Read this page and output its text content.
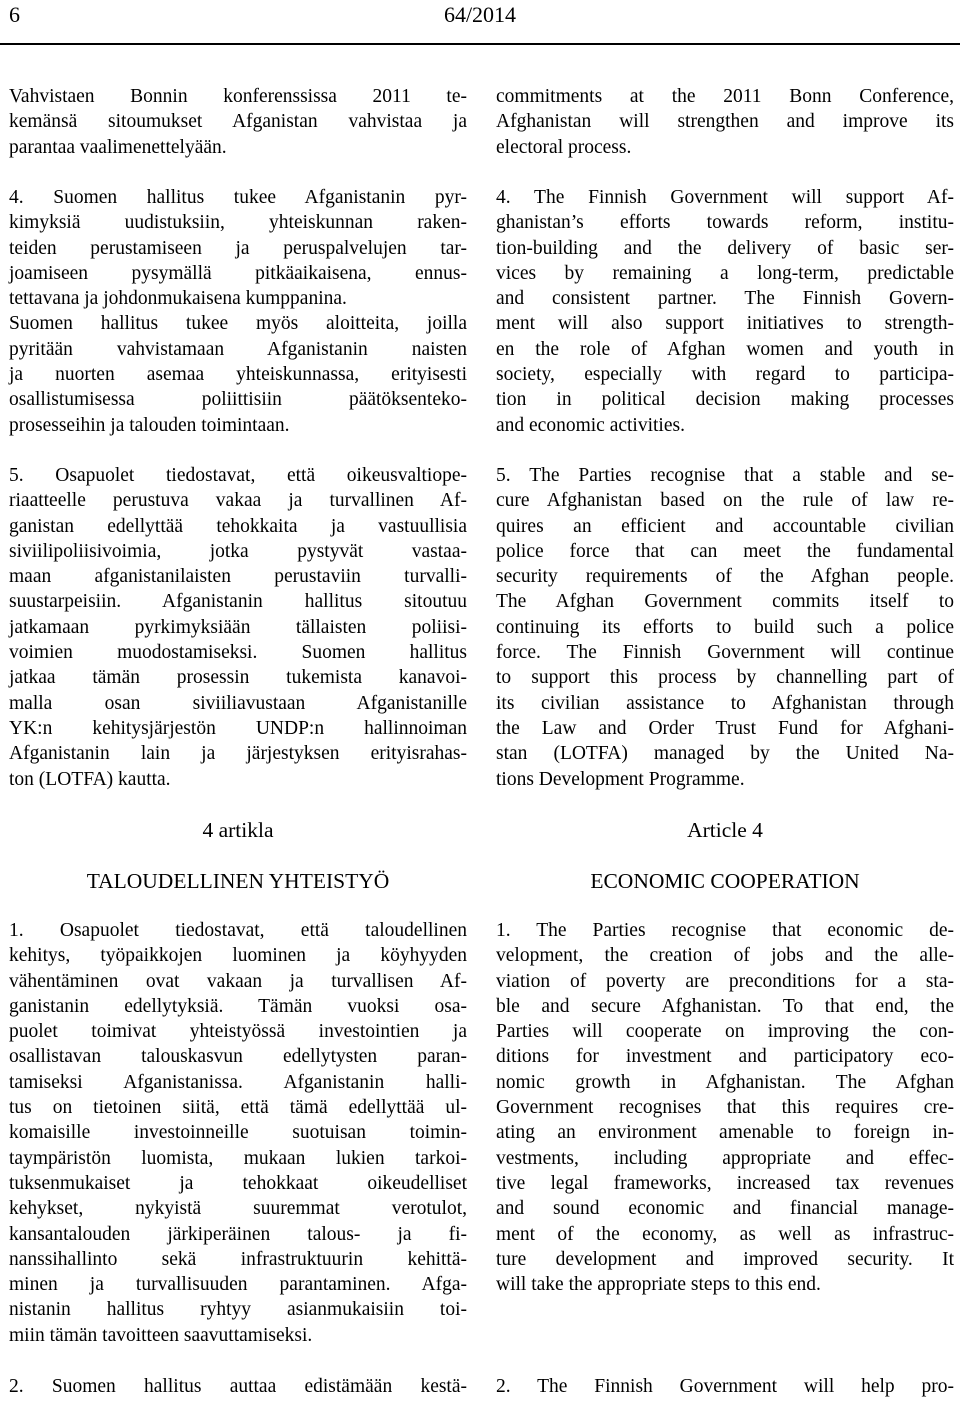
6	64/2014
Vahvistaen Bonnin konferenssissa 2011 te-
kemänsä sitoumukset Afganistan vahvistaa ja
parantaa vaalimenettelyään.
4. Suomen hallitus tukee Afganistanin pyr-
kimyksiä uudistuksiin, yhteiskunnan raken-
teiden perustamiseen ja peruspalvelujen tar-
joamiseen pysymällä pitkäaikaisena, ennus-
tettavana ja johdonmukaisena kumppanina.
Suomen hallitus tukee myös aloitteita, joilla
pyritään vahvistamaan Afganistanin naisten
ja nuorten asemaa yhteiskunnassa, erityisesti
osallistumisessa poliittisiin päätöksenteko-
prosesseihin ja talouden toimintaan.
5. Osapuolet tiedostavat, että oikeusvaltiope-
riaatteelle perustuva vakaa ja turvallinen Af-
ganistan edellyttää tehokkaita ja vastuullisia
siviilipoliisivoimia, jotka pystyvät vastaa-
maan afganistanilaisten perustaviin turvalli-
suustarpeisiin. Afganistanin hallitus sitoutuu
jatkamaan pyrkimyksiään tällaisten poliisi-
voimien muodostamiseksi. Suomen hallitus
jatkaa tämän prosessin tukemista kanavoi-
malla osan siviiliavustaan Afganistanille
YK:n kehitysjärjestön UNDP:n hallinnoiman
Afganistanin lain ja järjestyksen erityisrahas-
ton (LOTFA) kautta.
4 artikla
TALOUDELLINEN YHTEISTYÖ
1. Osapuolet tiedostavat, että taloudellinen
kehitys, työpaikkojen luominen ja köyhyyden
vähentäminen ovat vakaan ja turvallisen Af-
ganistanin edellytyksiä. Tämän vuoksi osa-
puolet toimivat yhteistyössä investointien ja
osallistavan talouskasvun edellytysten paran-
tamiseksi Afganistanissa. Afganistanin halli-
tus on tietoinen siitä, että tämä edellyttää ul-
komaisille investoinneille suotuisan toimin-
taympäristön luomista, mukaan lukien tarkoi-
tuksenmukaiset ja tehokkaat oikeudelliset
kehykset, nykyistä suuremmat verotulot,
kansantalouden järkiperäinen talous- ja fi-
nanssihallinto sekä infrastruktuurin kehittä-
minen ja turvallisuuden parantaminen. Afga-
nistanin hallitus ryhtyy asianmukaisiin toi-
miin tämän tavoitteen saavuttamiseksi.
2. Suomen hallitus auttaa edistämään kestä-
commitments at the 2011 Bonn Conference,
Afghanistan will strengthen and improve its
electoral process.
4. The Finnish Government will support Af-
ghanistan’s efforts towards reform, institu-
tion-building and the delivery of basic ser-
vices by remaining a long-term, predictable
and consistent partner. The Finnish Govern-
ment will also support initiatives to strength-
en the role of Afghan women and youth in
society, especially with regard to participa-
tion in political decision making processes
and economic activities.
5. The Parties recognise that a stable and se-
cure Afghanistan based on the rule of law re-
quires an efficient and accountable civilian
police force that can meet the fundamental
security requirements of the Afghan people.
The Afghan Government commits itself to
continuing its efforts to build such a police
force. The Finnish Government will continue
to support this process by channelling part of
its civilian assistance to Afghanistan through
the Law and Order Trust Fund for Afghani-
stan (LOTFA) managed by the United Na-
tions Development Programme.
Article 4
ECONOMIC COOPERATION
1. The Parties recognise that economic de-
velopment, the creation of jobs and the alle-
viation of poverty are preconditions for a sta-
ble and secure Afghanistan. To that end, the
Parties will cooperate on improving the con-
ditions for investment and participatory eco-
nomic growth in Afghanistan. The Afghan
Government recognises that this requires cre-
ating an environment amenable to foreign in-
vestments, including appropriate and effec-
tive legal frameworks, increased tax revenues
and sound economic and financial manage-
ment of the economy, as well as infrastruc-
ture development and improved security. It
will take the appropriate steps to this end.
2. The Finnish Government will help pro-
